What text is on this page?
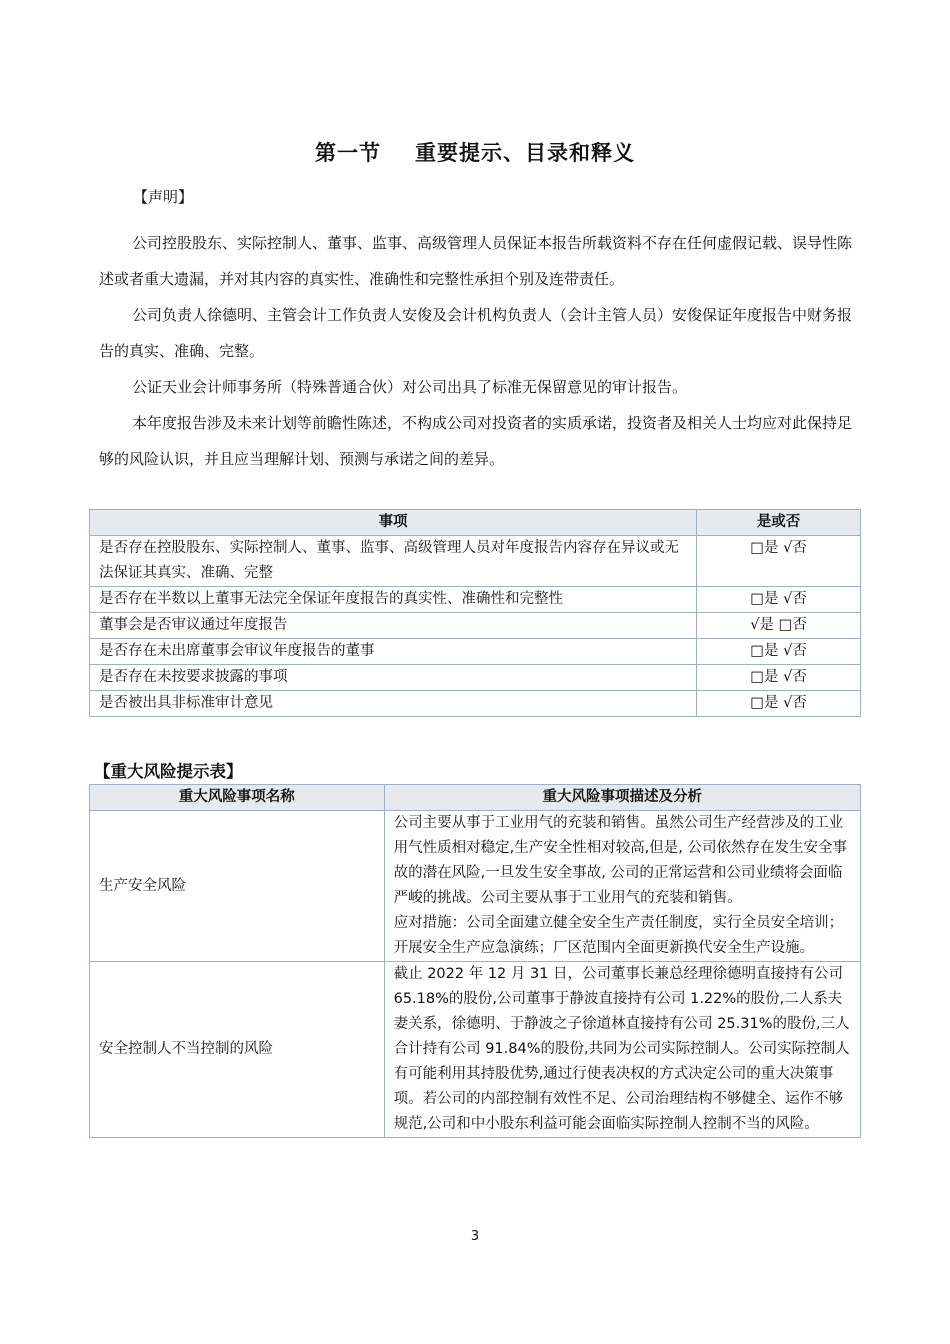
第一节 重要提示、目录和释义
【声明】

公司控股股东、实际控制人、董事、监事、高级管理人员保证本报告所载资料不存在任何虚假记载、误导性陈述或者重大遗漏，并对其内容的真实性、准确性和完整性承担个别及连带责任。

公司负责人徐德明、主管会计工作负责人安俊及会计机构负责人（会计主管人员）安俊保证年度报告中财务报告的真实、准确、完整。

公证天业会计师事务所（特殊普通合伙）对公司出具了标准无保留意见的审计报告。

本年度报告涉及未来计划等前瞻性陈述，不构成公司对投资者的实质承诺，投资者及相关人士均应对此保持足够的风险认识，并且应当理解计划、预测与承诺之间的差异。

事项	是或否
是否存在控股股东、实际控制人、董事、监事、高级管理人员对年度报告内容存在异议或无法保证其真实、准确、完整	□是 √否
是否存在半数以上董事无法完全保证年度报告的真实性、准确性和完整性	□是 √否
董事会是否审议通过年度报告	√是 □否
是否存在未出席董事会审议年度报告的董事	□是 √否
是否存在未按要求披露的事项	□是 √否
是否被出具非标准审计意见	□是 √否
【重大风险提示表】
重大风险事项名称	重大风险事项描述及分析
生产安全风险	公司主要从事于工业用气的充装和销售。虽然公司生产经营涉及的工业用气性质相对稳定,生产安全性相对较高,但是, 公司依然存在发生安全事故的潜在风险,一旦发生安全事故, 公司的正常运营和公司业绩将会面临严峻的挑战。公司主要从事于工业用气的充装和销售。
应对措施：公司全面建立健全安全生产责任制度，实行全员安全培训；开展安全生产应急演练；厂区范围内全面更新换代安全生产设施。

安全控制人不当控制的风险	截止 2022 年 12 月 31 日，公司董事长兼总经理徐德明直接持有公司 65.18%的股份,公司董事于静波直接持有公司 1.22%的股份,二人系夫妻关系，徐德明、于静波之子徐道林直接持有公司 25.31%的股份,三人合计持有公司 91.84%的股份,共同为公司实际控制人。公司实际控制人有可能利用其持股优势,通过行使表决权的方式决定公司的重大决策事项。若公司的内部控制有效性不足、公司治理结构不够健全、运作不够规范,公司和中小股东利益可能会面临实际控制人控制不当的风险。
3
